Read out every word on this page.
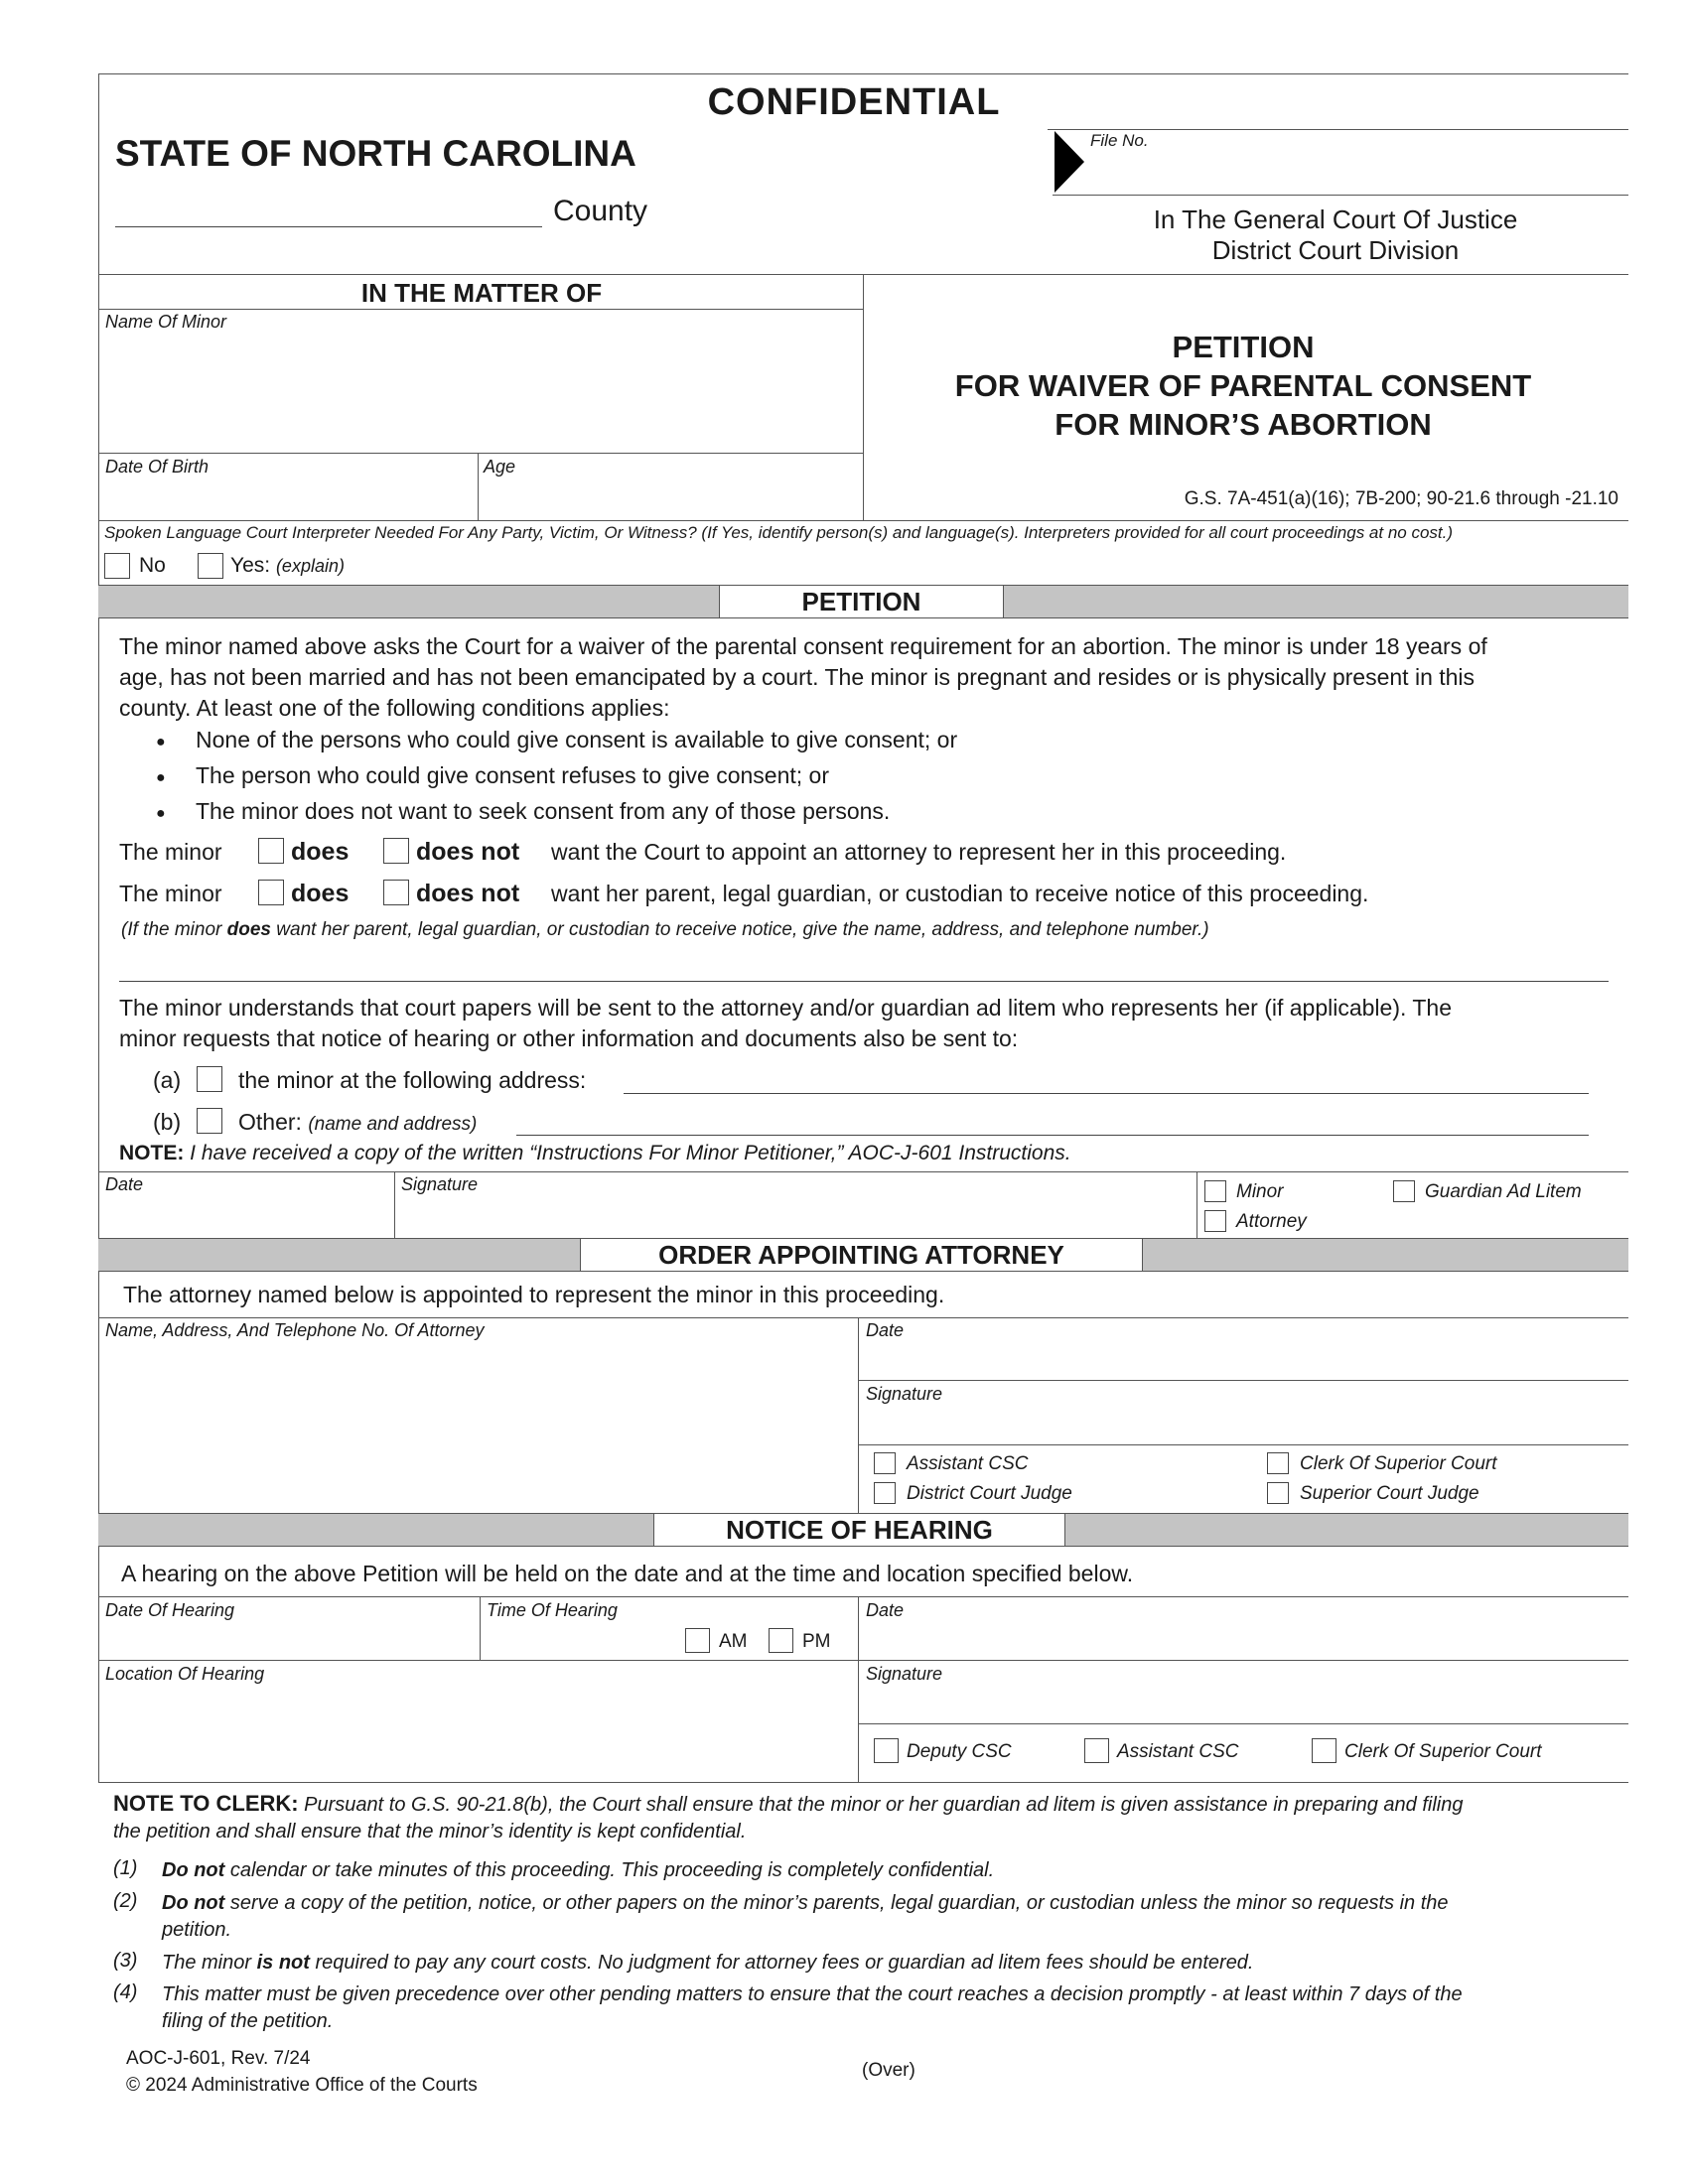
CONFIDENTIAL
STATE OF NORTH CAROLINA
County
File No.
In The General Court Of Justice
District Court Division
IN THE MATTER OF
Name Of Minor
Date Of Birth	Age
PETITION
FOR WAIVER OF PARENTAL CONSENT
FOR MINOR’S ABORTION
G.S. 7A-451(a)(16); 7B-200; 90-21.6 through -21.10
Spoken Language Court Interpreter Needed For Any Party, Victim, Or Witness? (If Yes, identify person(s) and language(s). Interpreters provided for all court proceedings at no cost.)
No	Yes: (explain)
PETITION
The minor named above asks the Court for a waiver of the parental consent requirement for an abortion. The minor is under 18 years of
age, has not been married and has not been emancipated by a court. The minor is pregnant and resides or is physically present in this
county. At least one of the following conditions applies:
● None of the persons who could give consent is available to give consent; or
● The person who could give consent refuses to give consent; or
● The minor does not want to seek consent from any of those persons.
The minor	does	does not want the Court to appoint an attorney to represent her in this proceeding.
The minor	does	does not want her parent, legal guardian, or custodian to receive notice of this proceeding.
(If the minor does want her parent, legal guardian, or custodian to receive notice, give the name, address, and telephone number.)
The minor understands that court papers will be sent to the attorney and/or guardian ad litem who represents her (if applicable). The
minor requests that notice of hearing or other information and documents also be sent to:
(a)	the minor at the following address:
(b)	Other: (name and address)
NOTE: I have received a copy of the written “Instructions For Minor Petitioner,” AOC-J-601 Instructions.
Date	Signature	Minor	Guardian Ad Litem
Attorney
ORDER APPOINTING ATTORNEY
The attorney named below is appointed to represent the minor in this proceeding.
Name, Address, And Telephone No. Of Attorney	Date
Signature
Assistant CSC	Clerk Of Superior Court
District Court Judge	Superior Court Judge
NOTICE OF HEARING
A hearing on the above Petition will be held on the date and at the time and location specified below.
Date Of Hearing	Time Of Hearing
AM	PM
Location Of Hearing
Date
Signature
Deputy CSC	Assistant CSC	Clerk Of Superior Court
NOTE TO CLERK: Pursuant to G.S. 90-21.8(b), the Court shall ensure that the minor or her guardian ad litem is given assistance in preparing and filing
the petition and shall ensure that the minor’s identity is kept confidential.
(1) Do not calendar or take minutes of this proceeding. This proceeding is completely confidential.
(2) Do not serve a copy of the petition, notice, or other papers on the minor’s parents, legal guardian, or custodian unless the minor so requests in the
petition.
(3) The minor is not required to pay any court costs. No judgment for attorney fees or guardian ad litem fees should be entered.
(4) This matter must be given precedence over other pending matters to ensure that the court reaches a decision promptly - at least within 7 days of the
filing of the petition.
AOC-J-601, Rev. 7/24
© 2024 Administrative Office of the Courts
(Over)
